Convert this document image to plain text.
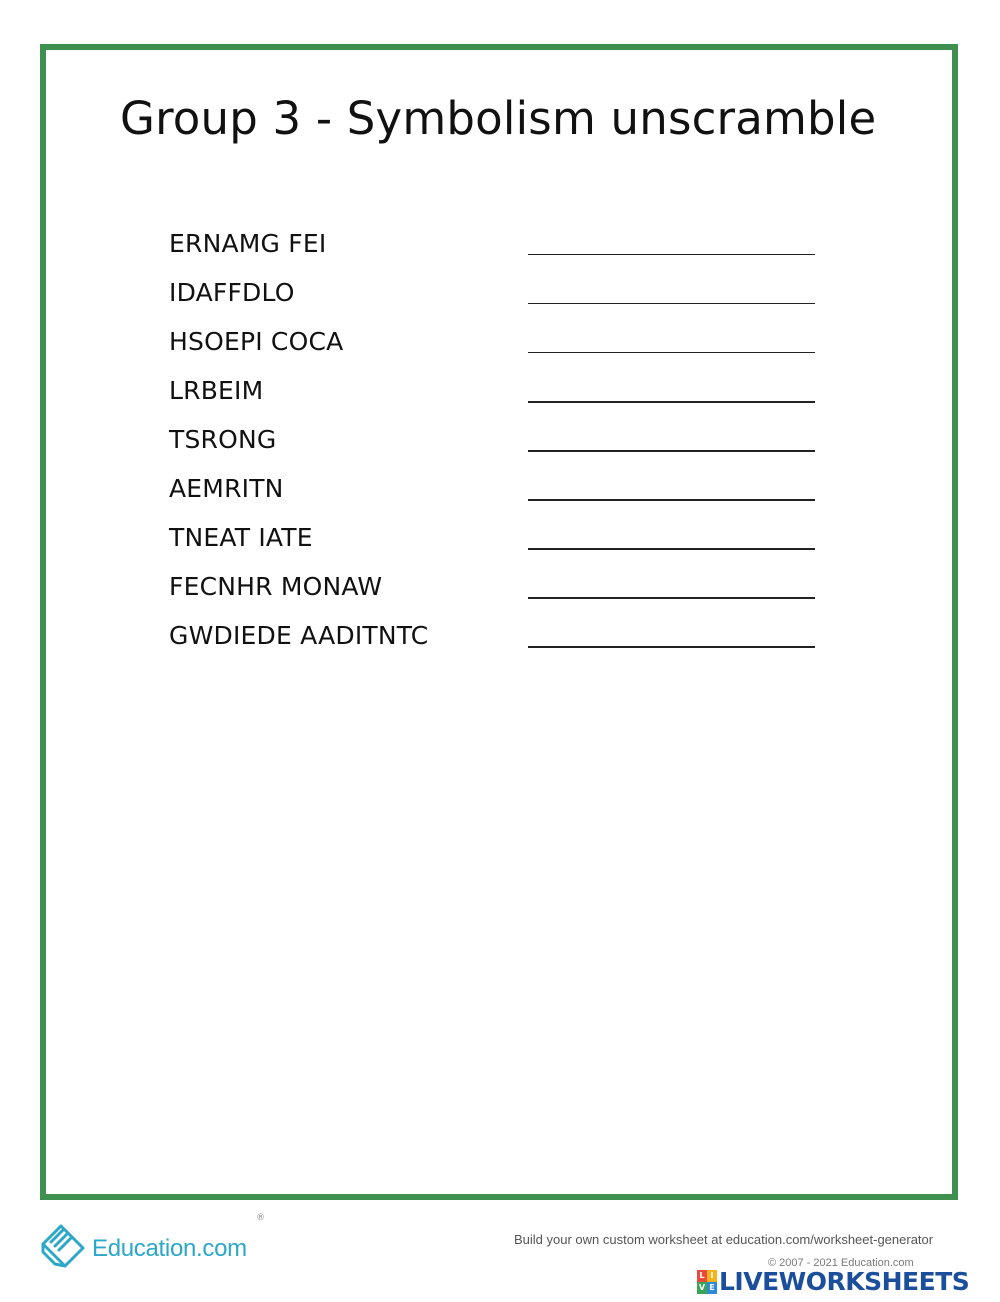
Group 3 - Symbolism unscramble
ERNAMG FEI
IDAFFDLO
HSOEPI COCA
LRBEIM
TSRONG
AEMRITN
TNEAT IATE
FECNHR MONAW
GWDIEDE AADITNTC
Education.com
®
Build your own custom worksheet at education.com/worksheet-generator
© 2007 - 2021 Education.com
L I
V E LIVEWORKSHEETS
